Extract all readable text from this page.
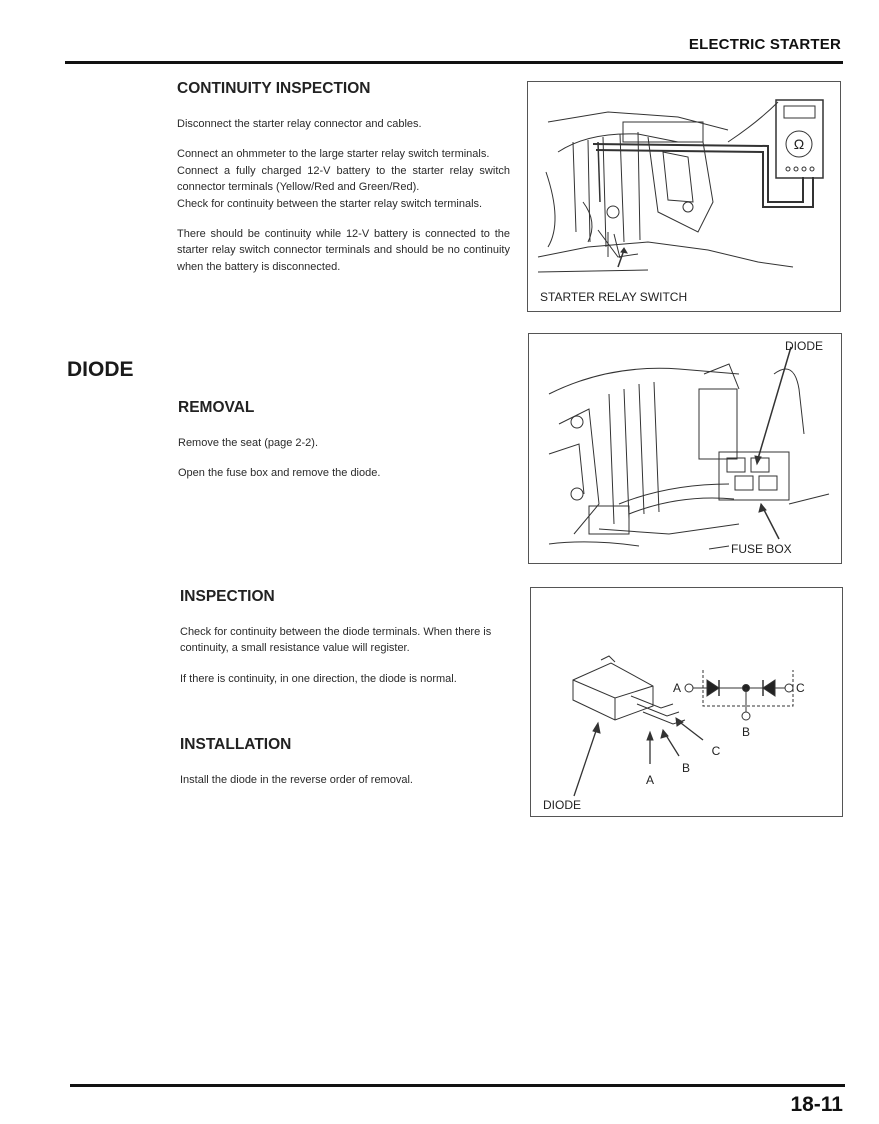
ELECTRIC STARTER
CONTINUITY INSPECTION

Disconnect the starter relay connector and cables.

Connect an ohmmeter to the large starter relay switch terminals.

Connect a fully charged 12-V battery to the starter relay switch connector terminals (Yellow/Red and Green/Red).

Check for continuity between the starter relay switch terminals.

There should be continuity while 12-V battery is connected to the starter relay switch connector terminals and should be no continuity when the battery is disconnected.

DIODE
REMOVAL

Remove the seat (page 2-2).

Open the fuse box and remove the diode.

INSPECTION

Check for continuity between the diode terminals. When there is continuity, a small resistance value will register.

If there is continuity, in one direction, the diode is normal.

INSTALLATION

Install the diode in the reverse order of removal.

Ω
STARTER RELAY SWITCH
DIODE
FUSE BOX
A	C
B
A
B
C
DIODE
18-11
